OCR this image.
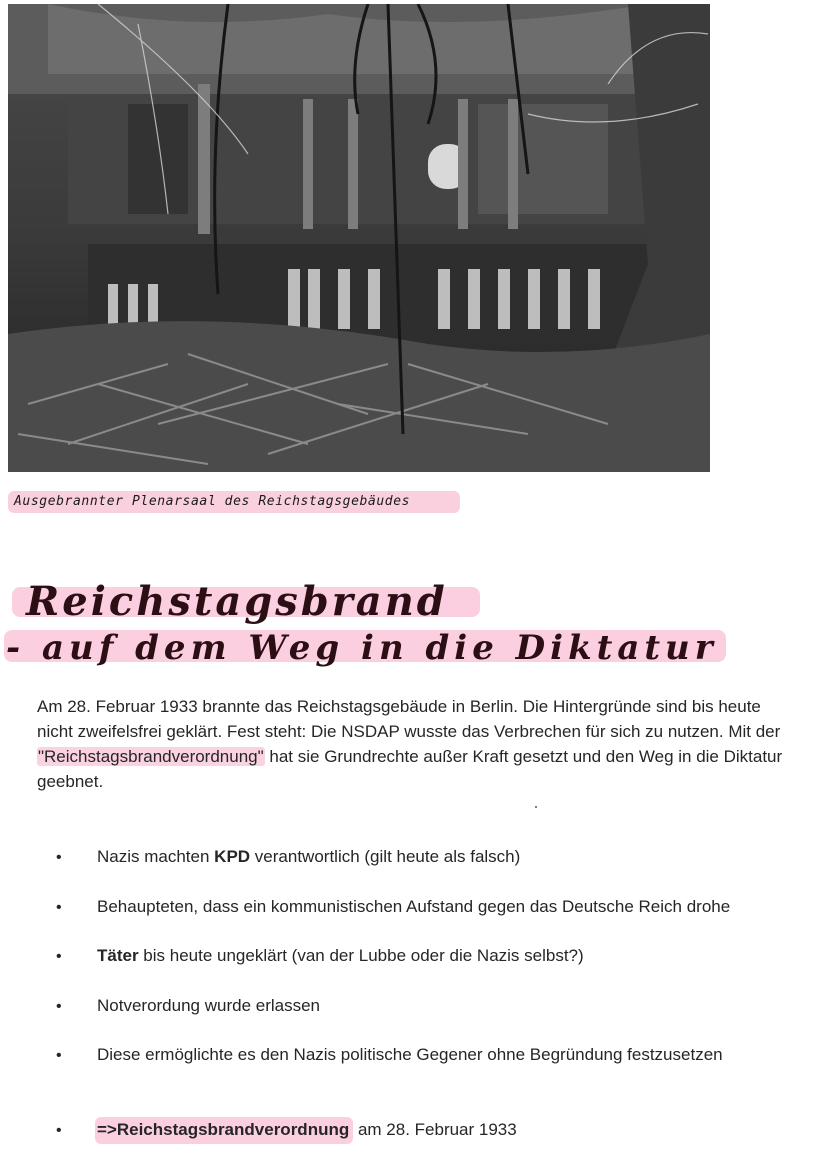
Ausgebrannter Plenarsaal des Reichstagsgebäudes
Reichstagsbrand
- auf dem Weg in die Diktatur

Am 28. Februar 1933 brannte das Reichstagsgebäude in Berlin. Die Hintergründe sind bis heute nicht zweifelsfrei geklärt. Fest steht: Die NSDAP wusste das Verbrechen für sich zu nutzen. Mit der "Reichstagsbrandverordnung" hat sie Grundrechte außer Kraft gesetzt und den Weg in die Diktatur geebnet.

• Nazis machten KPD verantwortlich (gilt heute als falsch)
• Behaupteten, dass ein kommunistischen Aufstand gegen das Deutsche Reich drohe
• Täter bis heute ungeklärt (van der Lubbe oder die Nazis selbst?)
• Notverordung wurde erlassen
• Diese ermöglichte es den Nazis politische Gegener ohne Begründung festzusetzen
• =>Reichstagsbrandverordnung am 28. Februar 1933
